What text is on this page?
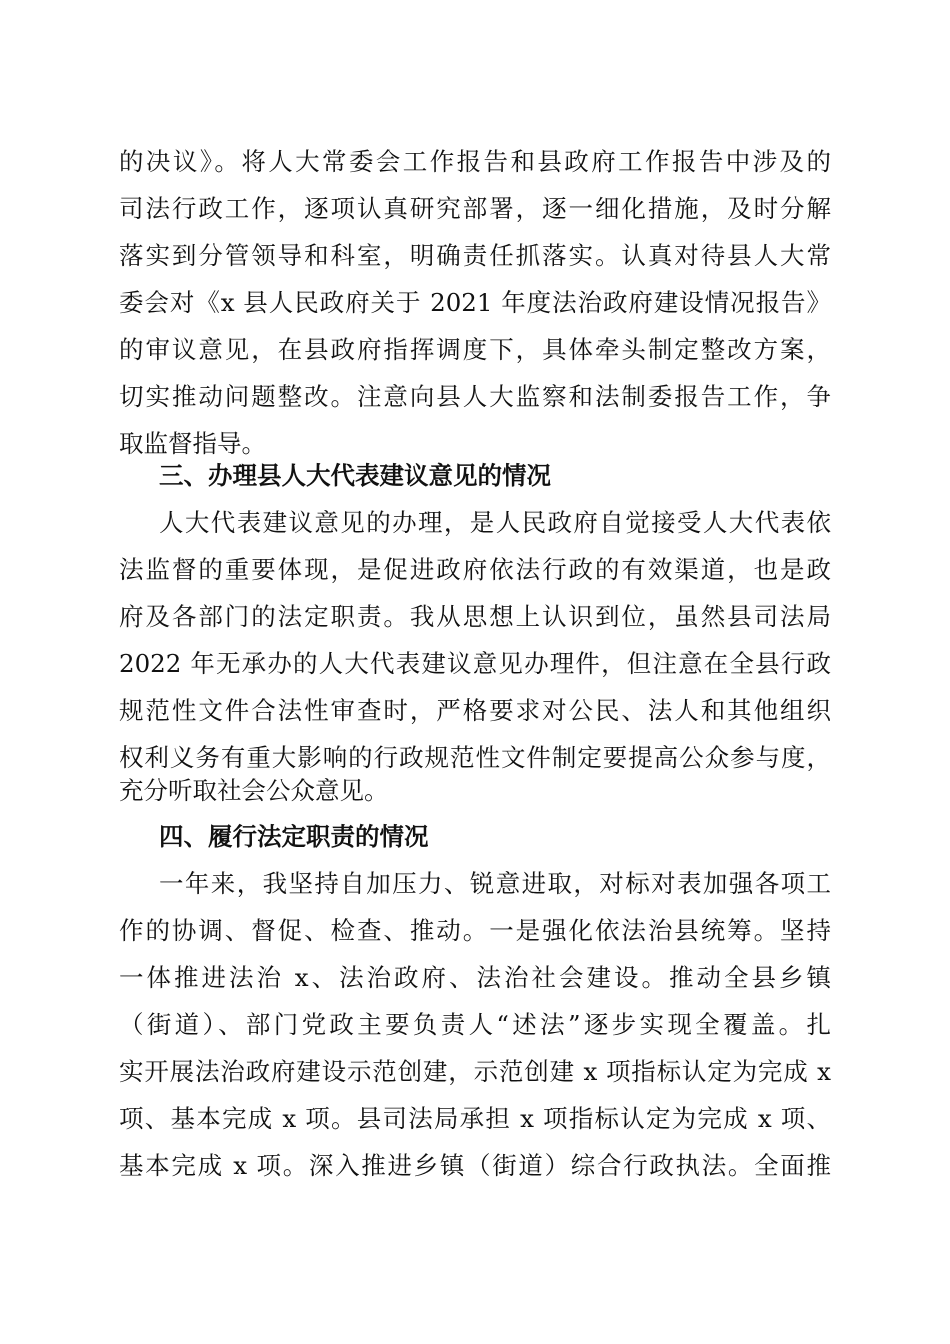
的决议》。将人大常委会工作报告和县政府工作报告中涉及的
司法行政工作，逐项认真研究部署，逐一细化措施，及时分解
落实到分管领导和科室，明确责任抓落实。认真对待县人大常
委会对《x 县人民政府关于 2021 年度法治政府建设情况报告》
的审议意见，在县政府指挥调度下，具体牵头制定整改方案，
切实推动问题整改。注意向县人大监察和法制委报告工作，争
取监督指导。
三、办理县人大代表建议意见的情况
人大代表建议意见的办理，是人民政府自觉接受人大代表依
法监督的重要体现，是促进政府依法行政的有效渠道，也是政
府及各部门的法定职责。我从思想上认识到位，虽然县司法局
2022 年无承办的人大代表建议意见办理件，但注意在全县行政
规范性文件合法性审查时，严格要求对公民、法人和其他组织
权利义务有重大影响的行政规范性文件制定要提高公众参与度，
充分听取社会公众意见。
四、履行法定职责的情况
一年来，我坚持自加压力、锐意进取，对标对表加强各项工
作的协调、督促、检查、推动。一是强化依法治县统筹。坚持
一体推进法治 x、法治政府、法治社会建设。推动全县乡镇
（街道）、部门党政主要负责人“述法”逐步实现全覆盖。扎
实开展法治政府建设示范创建，示范创建 x 项指标认定为完成 x
项、基本完成 x 项。县司法局承担 x 项指标认定为完成 x 项、
基本完成 x 项。深入推进乡镇（街道）综合行政执法。全面推
